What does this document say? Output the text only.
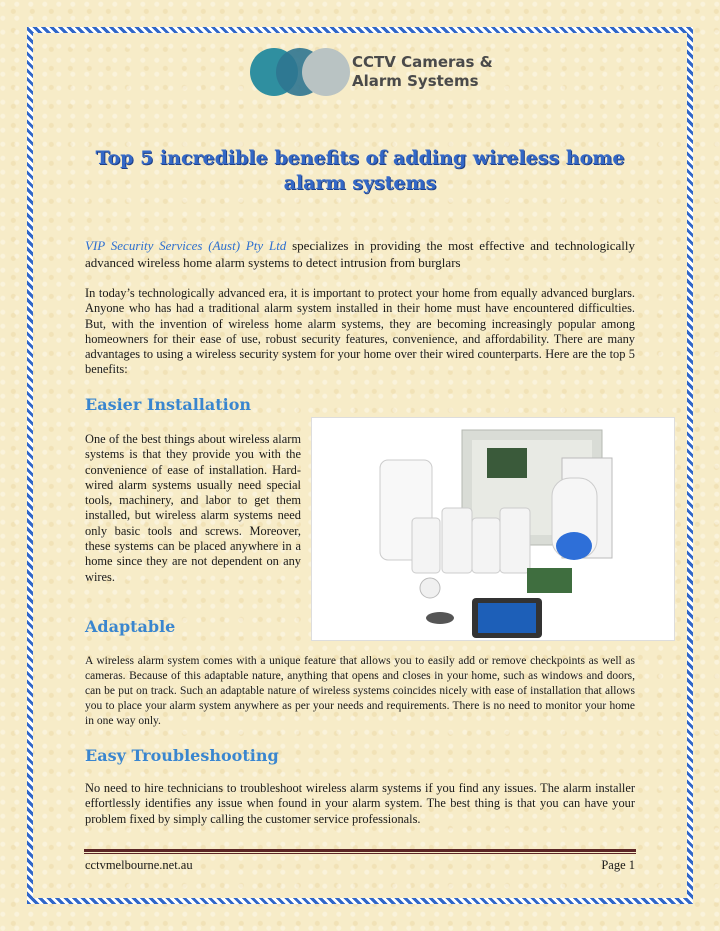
CCTV Cameras &
Alarm Systems
Top 5 incredible benefits of adding wireless home alarm systems
VIP Security Services (Aust) Pty Ltd specializes in providing the most effective and technologically advanced wireless home alarm systems to detect intrusion from burglars
In today’s technologically advanced era, it is important to protect your home from equally advanced burglars. Anyone who has had a traditional alarm system installed in their home must have encountered difficulties. But, with the invention of wireless home alarm systems, they are becoming increasingly popular among homeowners for their ease of use, robust security features, convenience, and affordability. There are many advantages to using a wireless security system for your home over their wired counterparts. Here are the top 5 benefits:
Easier Installation
One of the best things about wireless alarm systems is that they provide you with the convenience of ease of installation. Hard-wired alarm systems usually need special tools, machinery, and labor to get them installed, but wireless alarm systems need only basic tools and screws. Moreover, these systems can be placed anywhere in a home since they are not dependent on any wires.
Adaptable
A wireless alarm system comes with a unique feature that allows you to easily add or remove checkpoints as well as cameras. Because of this adaptable nature, anything that opens and closes in your home, such as windows and doors, can be put on track. Such an adaptable nature of wireless systems coincides nicely with ease of installation that allows you to place your alarm system anywhere as per your needs and requirements. There is no need to monitor your home in one way only.
Easy Troubleshooting
No need to hire technicians to troubleshoot wireless alarm systems if you find any issues. The alarm installer effortlessly identifies any issue when found in your alarm system. The best thing is that you can have your problem fixed by simply calling the customer service professionals.
cctvmelbourne.net.au	Page 1
